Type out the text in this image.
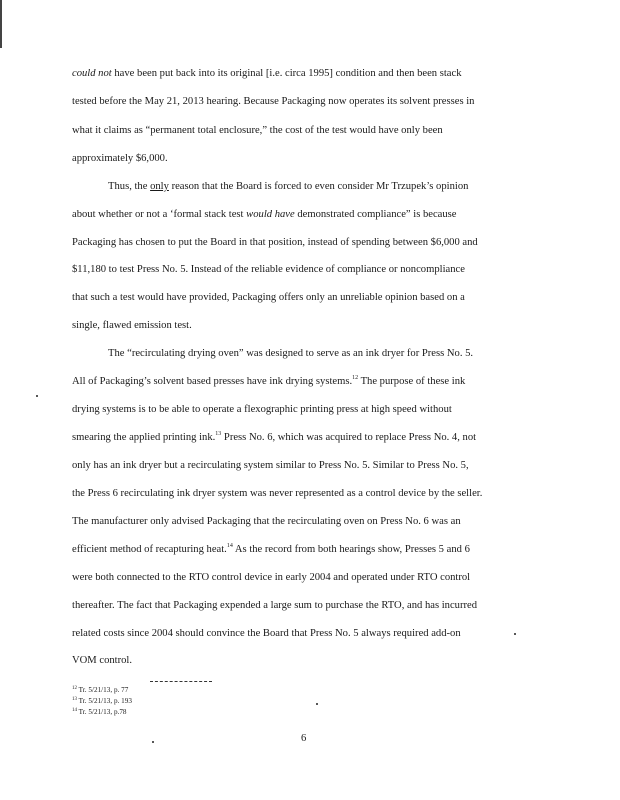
could not have been put back into its original [i.e. circa 1995] condition and then been stack
tested before the May 21, 2013 hearing. Because Packaging now operates its solvent presses in
what it claims as “permanent total enclosure,” the cost of the test would have only been
approximately $6,000.
Thus, the only reason that the Board is forced to even consider Mr Trzupek’s opinion
about whether or not a ‘formal stack test would have demonstrated compliance” is because
Packaging has chosen to put the Board in that position, instead of spending between $6,000 and
$11,180 to test Press No. 5. Instead of the reliable evidence of compliance or noncompliance
that such a test would have provided, Packaging offers only an unreliable opinion based on a
single, flawed emission test.
The “recirculating drying oven” was designed to serve as an ink dryer for Press No. 5.
All of Packaging’s solvent based presses have ink drying systems.$^{12}$ The purpose of these ink
drying systems is to be able to operate a flexographic printing press at high speed without
smearing the applied printing ink.$^{13}$ Press No. 6, which was acquired to replace Press No. 4, not
only has an ink dryer but a recirculating system similar to Press No. 5. Similar to Press No. 5,
the Press 6 recirculating ink dryer system was never represented as a control device by the seller.
The manufacturer only advised Packaging that the recirculating oven on Press No. 6 was an
efficient method of recapturing heat.$^{14}$ As the record from both hearings show, Presses 5 and 6
were both connected to the RTO control device in early 2004 and operated under RTO control
thereafter. The fact that Packaging expended a large sum to purchase the RTO, and has incurred
related costs since 2004 should convince the Board that Press No. 5 always required add-on
VOM control.
$^{12}$ Tr. 5/21/13, p. 77
$^{13}$ Tr. 5/21/13, p. 193
$^{14}$ Tr. 5/21/13, p.78
6
